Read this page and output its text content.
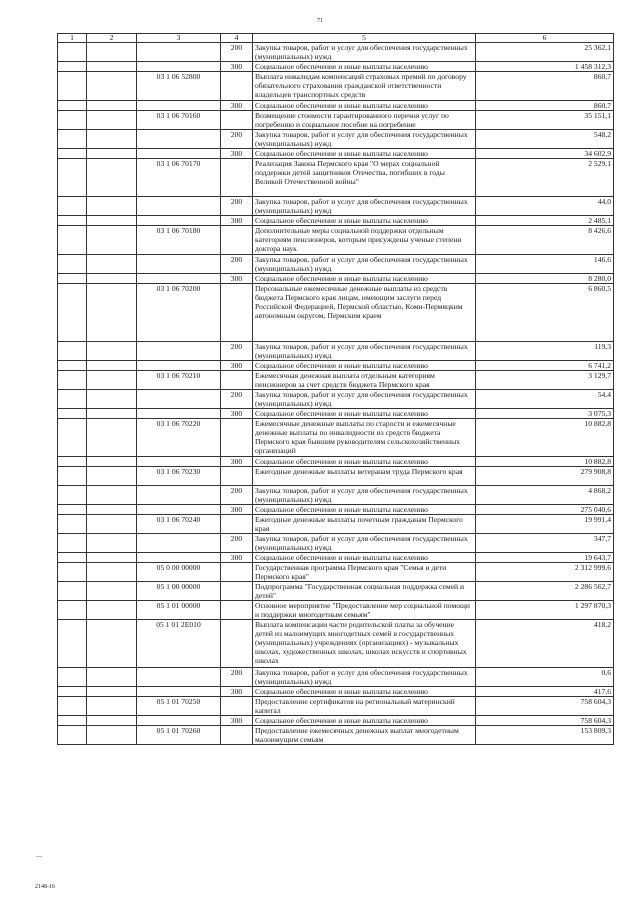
71
1	2	3	4	5	6
			200	Закупка товаров, работ и услуг для обеспечения государственных (муниципальных) нужд	25 362,1
			300	Социальное обеспечение и иные выплаты населению	1 458 312,3
		03 1 06 52800		Выплата инвалидам компенсаций страховых премий по договору обязательного страхования гражданской ответственности владельцев транспортных средств	860,7
			300	Социальное обеспечение и иные выплаты населению	860,7
		03 1 06 70160		Возмещение стоимости гарантированного перечня услуг по погребению и социальное пособие на погребение	35 151,1
			200	Закупка товаров, работ и услуг для обеспечения государственных (муниципальных) нужд	548,2
			300	Социальное обеспечение и иные выплаты населению	34 602,9
		03 1 06 70170		Реализация Закона Пермского края "О мерах социальной поддержки детей защитников Отечества, погибших в годы Великой Отечественной войны"	2 529,1
			200	Закупка товаров, работ и услуг для обеспечения государственных (муниципальных) нужд	44,0
			300	Социальное обеспечение и иные выплаты населению	2 485,1
		03 1 06 70180		Дополнительные меры социальной поддержки отдельным категориям пенсионеров, которым присуждены ученые степени доктора наук	8 426,6
			200	Закупка товаров, работ и услуг для обеспечения государственных (муниципальных) нужд	146,6
			300	Социальное обеспечение и иные выплаты населению	8 280,0
		03 1 06 70200		Персональные ежемесячные денежные выплаты из средств бюджета Пермского края лицам, имеющим заслуги перед Российской Федерацией, Пермской областью, Коми-Пермяцким автономным округом, Пермским краем	6 860,5
			200	Закупка товаров, работ и услуг для обеспечения государственных (муниципальных) нужд	119,3
			300	Социальное обеспечение и иные выплаты населению	6 741,2
		03 1 06 70210		Ежемесячная денежная выплата отдельным категориям пенсионеров за счет средств бюджета Пермского края	3 129,7
			200	Закупка товаров, работ и услуг для обеспечения государственных (муниципальных) нужд	54,4
			300	Социальное обеспечение и иные выплаты населению	3 075,3
		03 1 06 70220		Ежемесячные денежные выплаты по старости и ежемесячные денежные выплаты по инвалидности из средств бюджета Пермского края бывшим руководителям сельскохозяйственных организаций	10 882,8
			300	Социальное обеспечение и иные выплаты населению	10 882,8
		03 1 06 70230		Ежегодные денежные выплаты ветеранам труда Пермского края	279 908,8
			200	Закупка товаров, работ и услуг для обеспечения государственных (муниципальных) нужд	4 868,2
			300	Социальное обеспечение и иные выплаты населению	275 040,6
		03 1 06 70240		Ежегодные денежные выплаты почетным гражданам Пермского края	19 991,4
			200	Закупка товаров, работ и услуг для обеспечения государственных (муниципальных) нужд	347,7
			300	Социальное обеспечение и иные выплаты населению	19 643,7
		05 0 00 00000		Государственная программа Пермского края "Семья и дети Пермского края"	2 312 999,6
		05 1 00 00000		Подпрограмма "Государственная социальная поддержка семей и детей"	2 286 562,7
		05 1 01 00000		Основное мероприятие "Предоставление мер социальной помощи и поддержки многодетным семьям"	1 297 870,3
		05 1 01 2Е010		Выплата компенсации части родительской платы за обучение детей из малоимущих многодетных семей в государственных (муниципальных) учреждениях (организациях) - музыкальных школах, художественных школах, школах искусств и спортивных школах	418,2
			200	Закупка товаров, работ и услуг для обеспечения государственных (муниципальных) нужд	0,6
			300	Социальное обеспечение и иные выплаты населению	417,6
		05 1 01 70250		Предоставление сертификатов на региональный материнский капитал	758 604,3
			300	Социальное обеспечение и иные выплаты населению	758 604,3
		05 1 01 70260		Предоставление ежемесячных денежных выплат многодетным малоимущим семьям	153 809,3
—
2148-16
